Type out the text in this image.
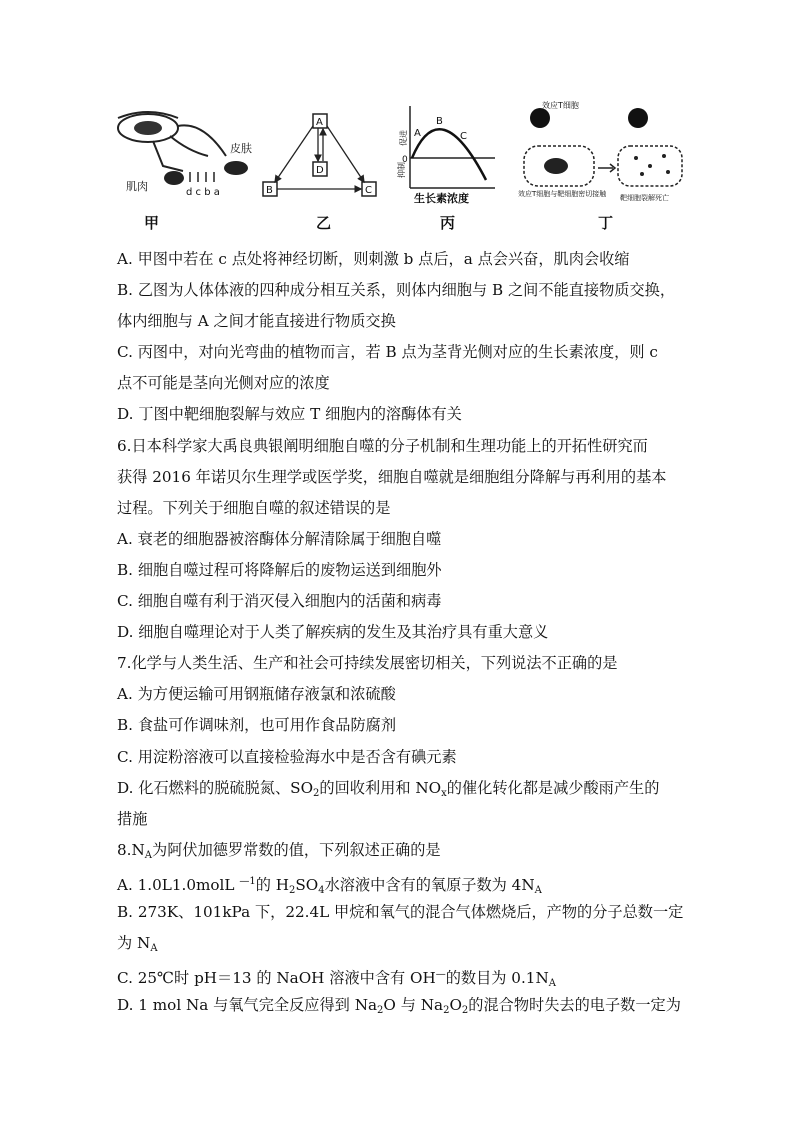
皮肤
肌肉	d c b a
甲
A
B	C
D
乙
促进
抑制
0
A
B
C
生长素浓度
丙
效应T细胞
效应T细胞与靶细胞密切接触 靶细胞裂解死亡
丁
A. 甲图中若在 c 点处将神经切断，则刺激 b 点后，a 点会兴奋，肌肉会收缩
B. 乙图为人体体液的四种成分相互关系，则体内细胞与 B 之间不能直接物质交换，
体内细胞与 A 之间才能直接进行物质交换
C. 丙图中，对向光弯曲的植物而言，若 B 点为茎背光侧对应的生长素浓度，则 c
点不可能是茎向光侧对应的浓度
D. 丁图中靶细胞裂解与效应 T 细胞内的溶酶体有关
6.日本科学家大禹良典银阐明细胞自噬的分子机制和生理功能上的开拓性研究而
获得 2016 年诺贝尔生理学或医学奖，细胞自噬就是细胞组分降解与再利用的基本
过程。下列关于细胞自噬的叙述错误的是
A. 衰老的细胞器被溶酶体分解清除属于细胞自噬
B. 细胞自噬过程可将降解后的废物运送到细胞外
C. 细胞自噬有利于消灭侵入细胞内的活菌和病毒
D. 细胞自噬理论对于人类了解疾病的发生及其治疗具有重大意义
7.化学与人类生活、生产和社会可持续发展密切相关，下列说法不正确的是
A. 为方便运输可用钢瓶储存液氯和浓硫酸
B. 食盐可作调味剂，也可用作食品防腐剂
C. 用淀粉溶液可以直接检验海水中是否含有碘元素
D. 化石燃料的脱硫脱氮、$SO_2$的回收利用和 $NO_x$的催化转化都是减少酸雨产生的
措施
$8.N_A$为阿伏加德罗常数的值，下列叙述正确的是
A. 1.0L1.0molL $^{—1}$的 $H_2SO_4$水溶液中含有的氧原子数为 $4N_A$
B. 273K、101kPa 下，22.4L 甲烷和氧气的混合气体燃烧后，产物的分子总数一定
为 $N_A$
C. 25℃时 pH＝13 的 NaOH 溶液中含有 OH—的数目为 $0.1N_A$
D. 1 mol Na 与氧气完全反应得到 $Na_2O$ 与 $Na_2O_2$的混合物时失去的电子数一定为
